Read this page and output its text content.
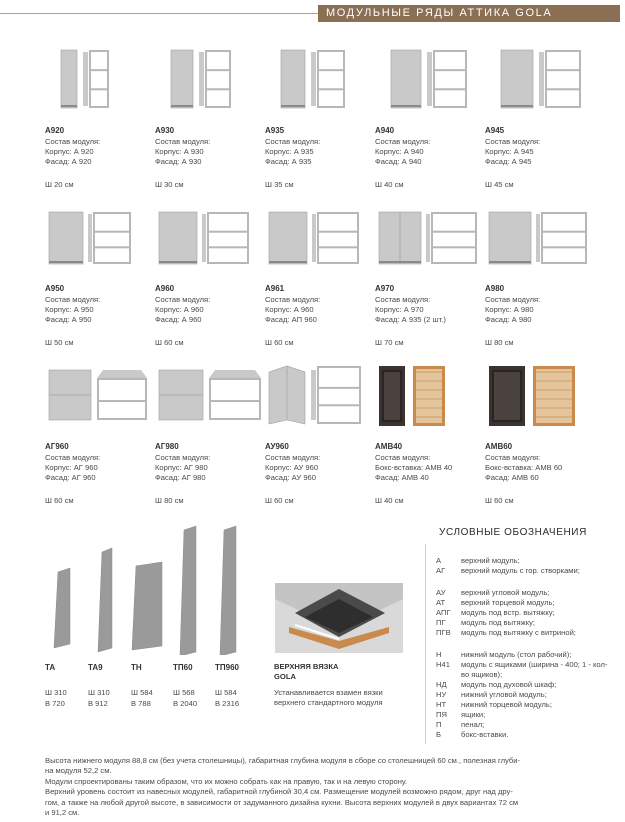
МОДУЛЬНЫЕ РЯДЫ АТТИКА GOLA
А920
Состав модуля:
Корпус: А 920
Фасад: А 920
Ш 20 см
А930
Состав модуля:
Корпус: А 930
Фасад: А 930
Ш 30 см
А935
Состав модуля:
Корпус: А 935
Фасад: А 935
Ш 35 см
А940
Состав модуля:
Корпус: А 940
Фасад: А 940
Ш 40 см
А945
Состав модуля:
Корпус: А 945
Фасад: А 945
Ш 45 см
А950
Состав модуля:
Корпус: А 950
Фасад: А 950
Ш 50 см
А960
Состав модуля:
Корпус: А 960
Фасад: А 960
Ш 60 см
А961
Состав модуля:
Корпус: А 960
Фасад: АП 960
Ш 60 см
А970
Состав модуля:
Корпус: А 970
Фасад: А 935 (2 шт.)
Ш 70 см
А980
Состав модуля:
Корпус: А 980
Фасад: А 980
Ш 80 см
АГ960
Состав модуля:
Корпус: АГ 960
Фасад: АГ 960
Ш 60 см
АГ980
Состав модуля:
Корпус: АГ 980
Фасад: АГ 980
Ш 80 см
АУ960
Состав модуля:
Корпус: АУ 960
Фасад: АУ 960
Ш 60 см
АМВ40
Состав модуля:
Бокс-вставка: АМВ 40
Фасад: АМВ 40
Ш 40 см
АМВ60
Состав модуля:
Бокс-вставка: АМВ 60
Фасад: АМВ 60
Ш 60 см
ТА
Ш 310
В 720
ТА9
Ш 310
В 912
ТН
Ш 584
В 788
ТП60
Ш 568
В 2040
ТП960
Ш 584
В 2316
ВЕРХНЯЯ ВЯЗКА
GOLA
Устанавливается взамен вязки
верхнего стандартного модуля
УСЛОВНЫЕ ОБОЗНАЧЕНИЯ
А	верхний модуль;
АГ верхний модуль с гор. створками;
АУ верхний угловой модуль;
АТ верхний торцевой модуль;
АПГ модуль под встр. вытяжку;
ПГ модуль под вытяжку;
ПГВ модуль под вытяжку с витриной;
Н	нижний модуль (стол рабочий);
Н41 модуль с ящиками (ширина - 400; 1 - кол-во ящиков);
НД модуль под духовой шкаф;
НУ нижний угловой модуль;
НТ нижний торцевой модуль;
ПЯ ящики;
П	пенал;
Б	бокс-вставки.

Высота нижнего модуля 88,8 см (без учета столешницы), габаритная глубина модуля в сборе со столешницей 60 см., полезная глуби-

на модуля 52,2 см.

Модули спроектированы таким образом, что их можно собрать как на правую, так и на левую сторону.

Верхний уровень состоит из навесных модулей, габаритной глубиной 30,4 см. Размещение модулей возможно рядом, друг над дру-

гом, а также на любой другой высоте, в зависимости от задуманного дизайна кухни. Высота верхних модулей в двух вариантах 72 см

и 91,2 см.
